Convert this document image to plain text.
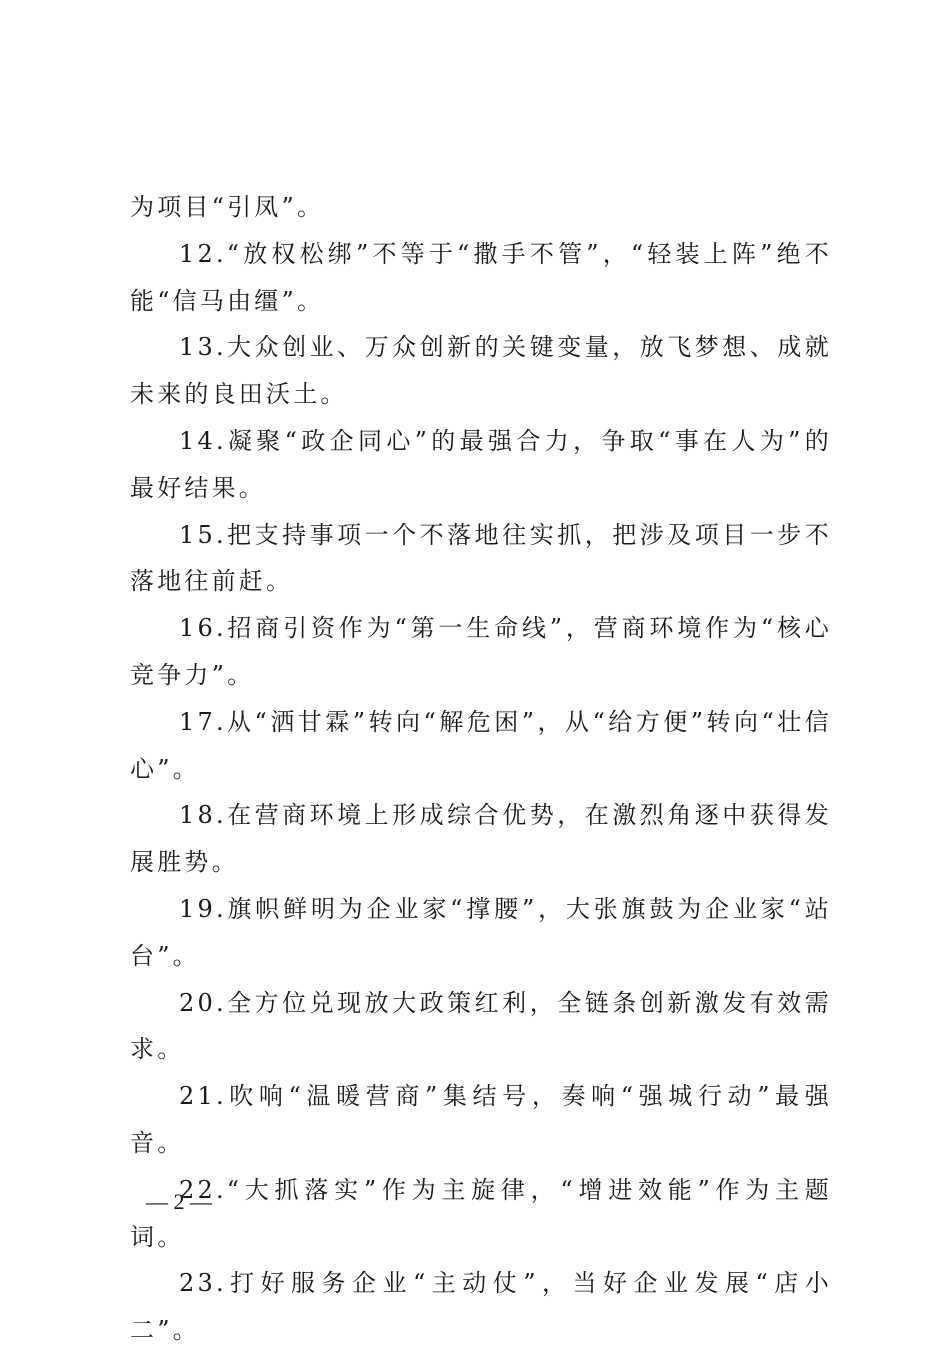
为项目“引凤”。

12.“放权松绑”不等于“撒手不管”，“轻装上阵”绝不能“信马由缰”。

13.大众创业、万众创新的关键变量，放飞梦想、成就未来的良田沃土。

14.凝聚“政企同心”的最强合力，争取“事在人为”的最好结果。

15.把支持事项一个不落地往实抓，把涉及项目一步不落地往前赶。

16.招商引资作为“第一生命线”，营商环境作为“核心竞争力”。

17.从“洒甘霖”转向“解危困”，从“给方便”转向“壮信心”。

18.在营商环境上形成综合优势，在激烈角逐中获得发展胜势。

19.旗帜鲜明为企业家“撑腰”，大张旗鼓为企业家“站台”。

20.全方位兑现放大政策红利，全链条创新激发有效需求。

21.吹响“温暖营商”集结号，奏响“强城行动”最强音。

22.“大抓落实”作为主旋律，“增进效能”作为主题词。

23.打好服务企业“主动仗”，当好企业发展“店小二”。

— 2 —
